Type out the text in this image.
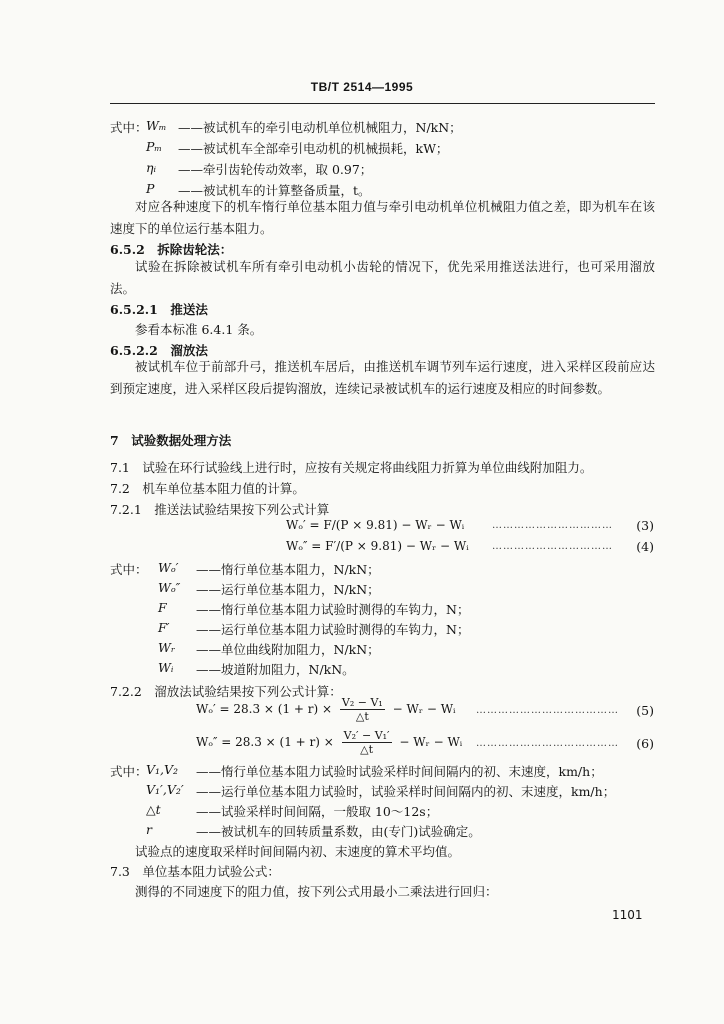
TB/T 2514—1995
式中：
Wₘ ——被试机车的牵引电动机单位机械阻力，N/kN；
Pₘ ——被试机车全部牵引电动机的机械损耗，kW；
ηᵢ ——牵引齿轮传动效率，取 0.97；
P ——被试机车的计算整备质量，t。
对应各种速度下的机车惰行单位基本阻力值与牵引电动机单位机械阻力值之差，即为机车在该速度下的单位运行基本阻力。
6.5.2　拆除齿轮法：
试验在拆除被试机车所有牵引电动机小齿轮的情况下，优先采用推送法进行，也可采用溜放法。
6.5.2.1　推送法
参看本标准 6.4.1 条。
6.5.2.2　溜放法
被试机车位于前部升弓，推送机车居后，由推送机车调节列车运行速度，进入采样区段前应达到预定速度，进入采样区段后提钩溜放，连续记录被试机车的运行速度及相应的时间参数。
7　试验数据处理方法
7.1　试验在环行试验线上进行时，应按有关规定将曲线阻力折算为单位曲线附加阻力。
7.2　机车单位基本阻力值的计算。
7.2.1　推送法试验结果按下列公式计算
Wₒ′ = F/(P × 9.81) − Wᵣ − Wᵢ	…………………………… (3)
Wₒ″ = F′/(P × 9.81) − Wᵣ − Wᵢ …………………………… (4)
式中： Wₒ′ ——惰行单位基本阻力，N/kN；
Wₒ″ ——运行单位基本阻力，N/kN；
F ——惰行单位基本阻力试验时测得的车钩力，N；
F′ ——运行单位基本阻力试验时测得的车钩力，N；
Wᵣ ——单位曲线附加阻力，N/kN；
Wᵢ ——坡道附加阻力，N/kN。
7.2.2　溜放法试验结果按下列公式计算：
$W_o' = 28.3 \times (1 + r) \times \frac{\text{V₂ − V₁}}{\triangle t}$ − Wᵣ − Wᵢ ………………………………… (5)
$W_o'' = 28.3 \times (1 + r) \times \frac{\text{V₂′ − V₁′}}{\triangle t}$ − Wᵣ − Wᵢ ………………………………… (6)
式中：
V₁,V₂ ——惰行单位基本阻力试验时试验采样时间间隔内的初、末速度，km/h；
V₁′,V₂′ ——运行单位基本阻力试验时，试验采样时间间隔内的初、末速度，km/h；
△t	——试验采样时间间隔，一般取 10～12s；
r	——被试机车的回转质量系数，由(专门)试验确定。
试验点的速度取采样时间间隔内初、末速度的算术平均值。
7.3　单位基本阻力试验公式：
测得的不同速度下的阻力值，按下列公式用最小二乘法进行回归：
1101
